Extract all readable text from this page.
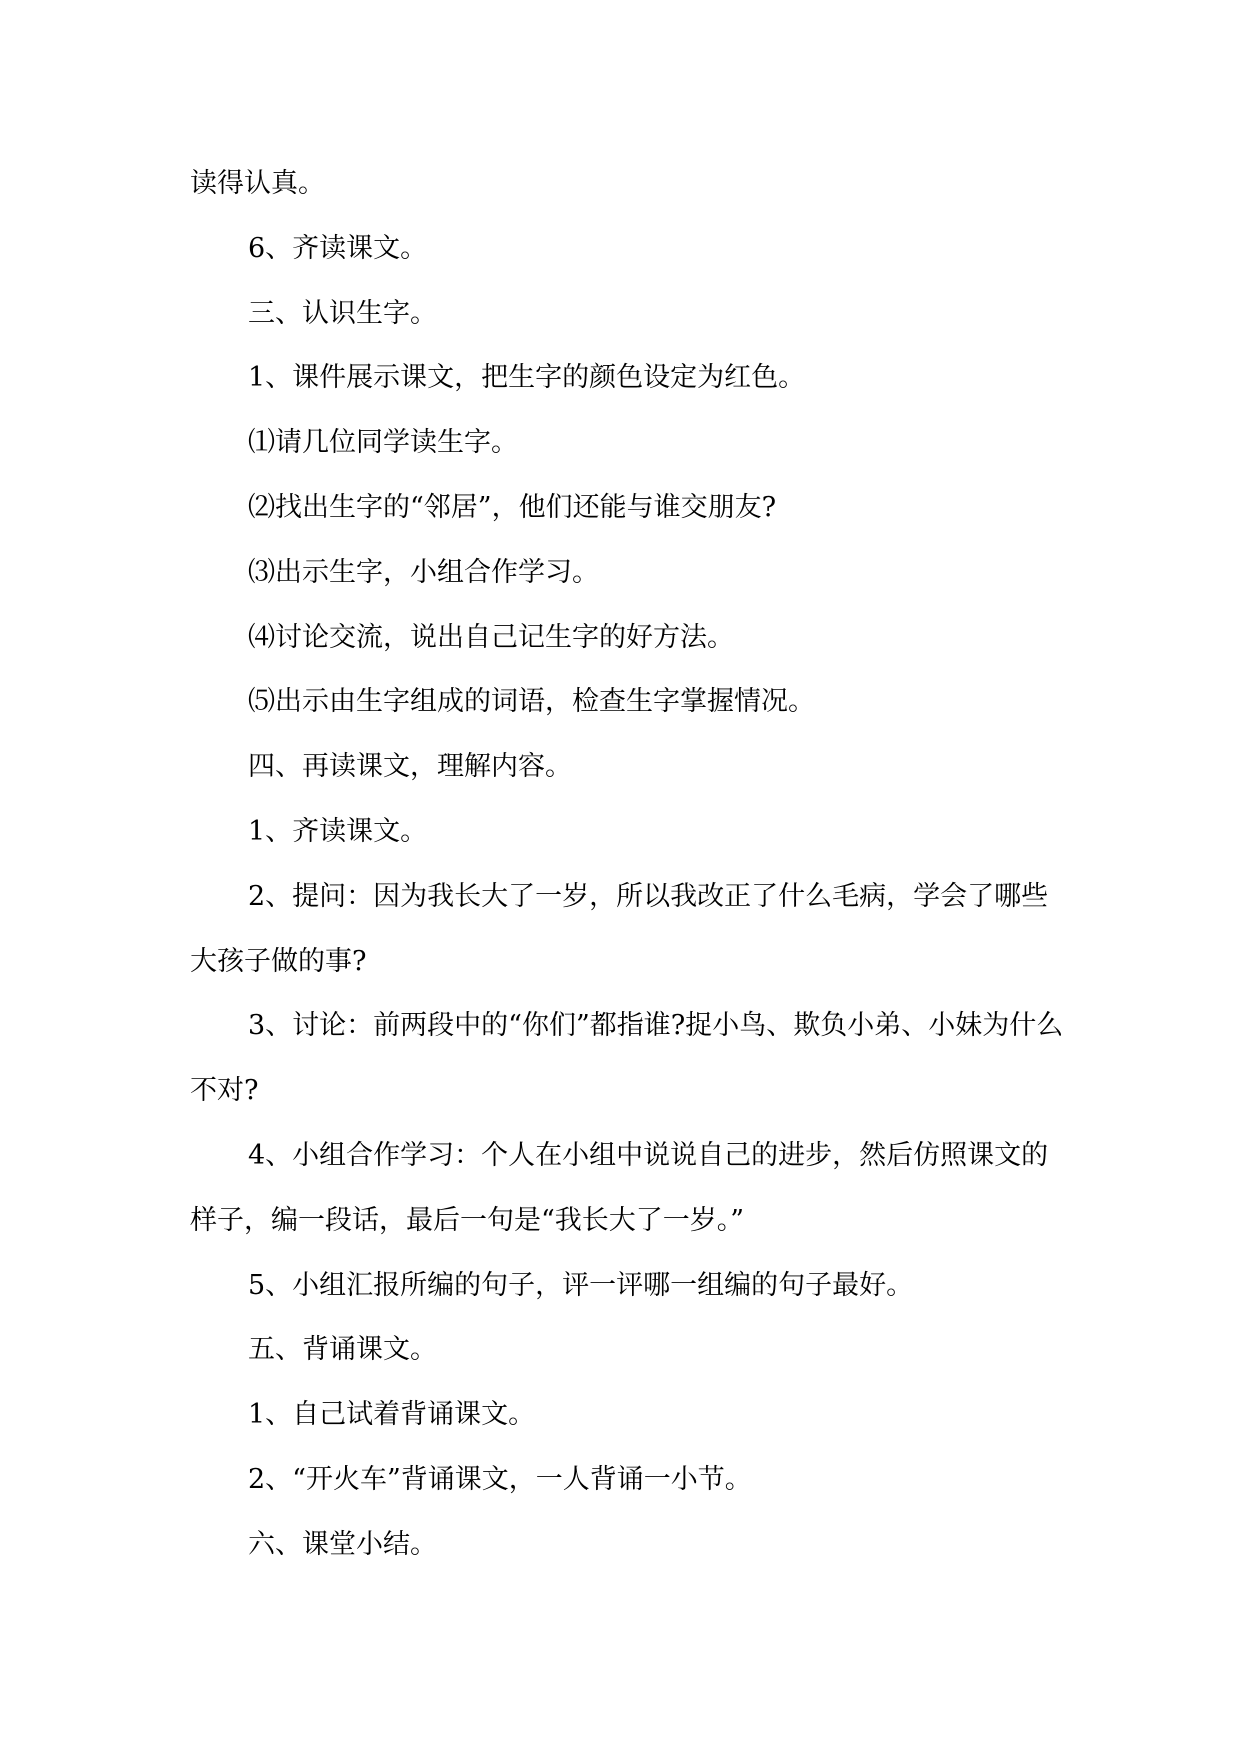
读得认真。

6、齐读课文。

三、认识生字。

1、课件展示课文，把生字的颜色设定为红色。

⑴请几位同学读生字。

⑵找出生字的“邻居”，他们还能与谁交朋友?

⑶出示生字，小组合作学习。

⑷讨论交流，说出自己记生字的好方法。

⑸出示由生字组成的词语，检查生字掌握情况。

四、再读课文，理解内容。

1、齐读课文。

2、提问：因为我长大了一岁，所以我改正了什么毛病，学会了哪些大孩子做的事?

3、讨论：前两段中的“你们”都指谁?捉小鸟、欺负小弟、小妹为什么不对?

4、小组合作学习：个人在小组中说说自己的进步，然后仿照课文的样子，编一段话，最后一句是“我长大了一岁。”

5、小组汇报所编的句子，评一评哪一组编的句子最好。

五、背诵课文。

1、自己试着背诵课文。

2、“开火车”背诵课文，一人背诵一小节。

六、课堂小结。
